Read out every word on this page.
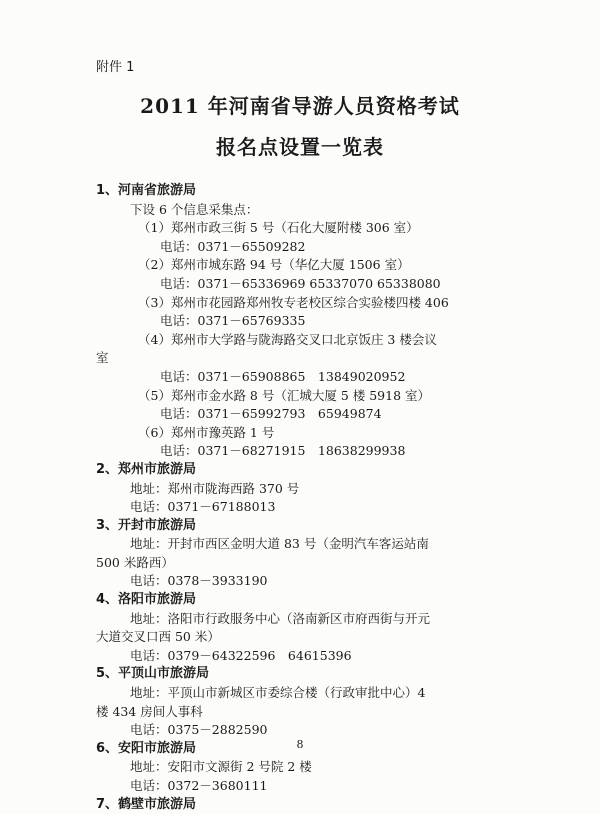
附件 1
2011 年河南省导游人员资格考试
报名点设置一览表
1、河南省旅游局
下设 6 个信息采集点：
（1）郑州市政三街 5 号（石化大厦附楼 306 室）
电话：0371－65509282
（2）郑州市城东路 94 号（华亿大厦 1506 室）
电话：0371－65336969 65337070 65338080
（3）郑州市花园路郑州牧专老校区综合实验楼四楼 406
电话：0371－65769335
（4）郑州市大学路与陇海路交叉口北京饭庄 3 楼会议
室
电话：0371－65908865　13849020952
（5）郑州市金水路 8 号（汇城大厦 5 楼 5918 室）
电话：0371－65992793　65949874
（6）郑州市豫英路 1 号
电话：0371－68271915　18638299938
2、郑州市旅游局
地址：郑州市陇海西路 370 号
电话：0371－67188013
3、开封市旅游局
地址：开封市西区金明大道 83 号（金明汽车客运站南
500 米路西）
电话：0378－3933190
4、洛阳市旅游局
地址：洛阳市行政服务中心（洛南新区市府西街与开元
大道交叉口西 50 米）
电话：0379－64322596　64615396
5、平顶山市旅游局
地址：平顶山市新城区市委综合楼（行政审批中心）4
楼 434 房间人事科
电话：0375－2882590
6、安阳市旅游局
地址：安阳市文源街 2 号院 2 楼
电话：0372－3680111
7、鹤壁市旅游局
8
